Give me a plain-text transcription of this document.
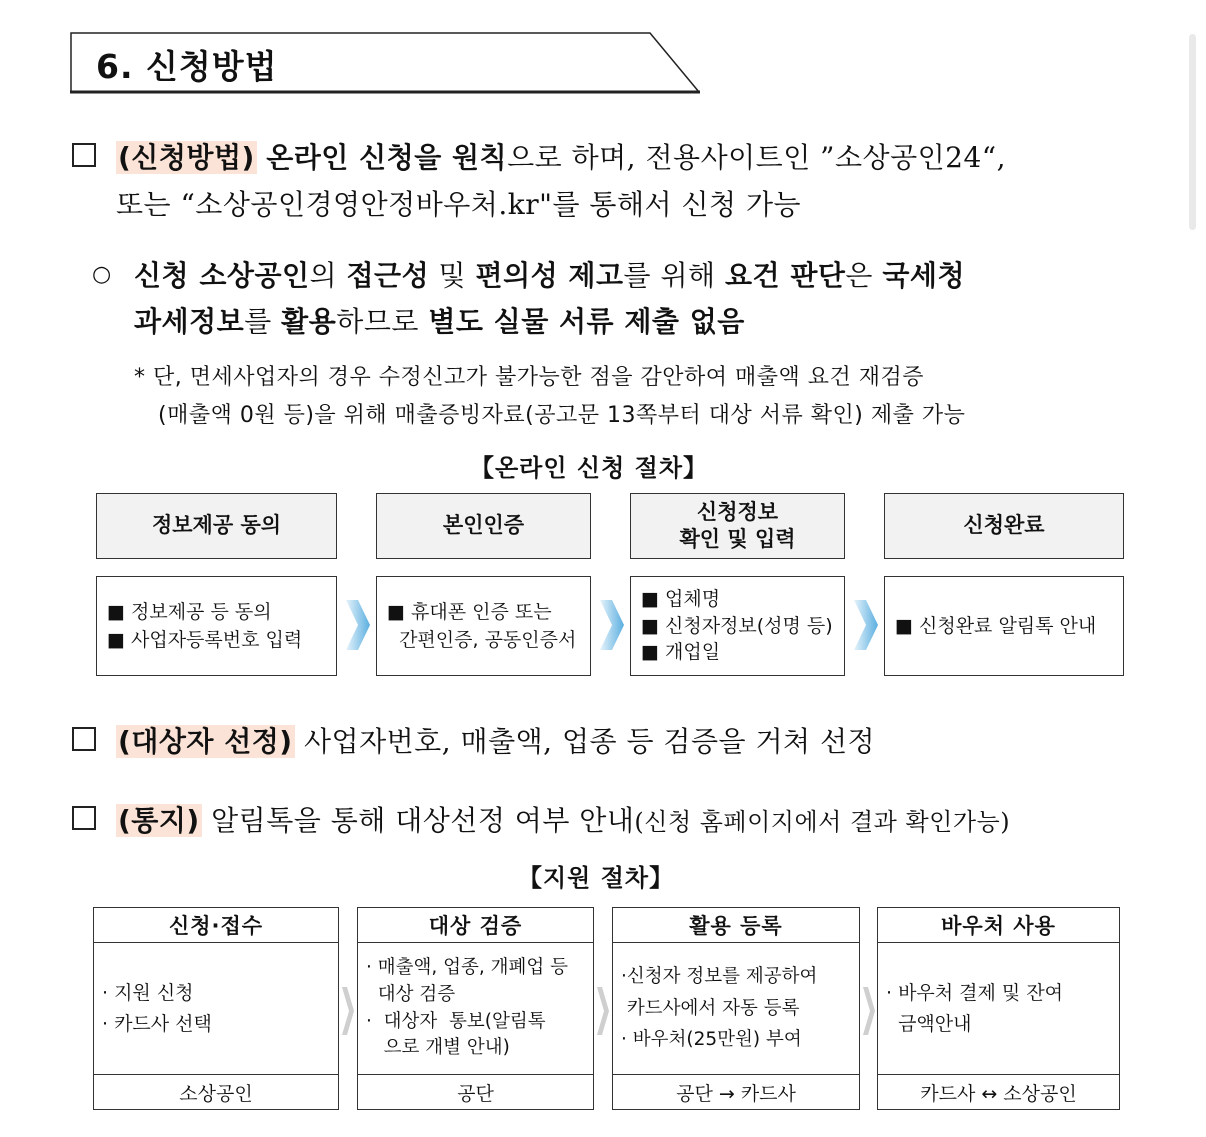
6. 신청방법
(신청방법) 온라인 신청을 원칙으로 하며, 전용사이트인 ”소상공인24“,
또는 “소상공인경영안정바우처.kr"를 통해서 신청 가능
○ 신청 소상공인의 접근성 및 편의성 제고를 위해 요건 판단은 국세청
과세정보를 활용하므로 별도 실물 서류 제출 없음
* 단, 면세사업자의 경우 수정신고가 불가능한 점을 감안하여 매출액 요건 재검증
(매출액 0원 등)을 위해 매출증빙자료(공고문 13쪽부터 대상 서류 확인) 제출 가능
【온라인 신청 절차】
정보제공 동의	본인인증
신청정보
확인 및 입력
신청완료
■ 정보제공 등 동의
■ 사업자등록번호 입력
■ 휴대폰 인증 또는
간편인증, 공동인증서
■ 업체명
■ 신청자정보(성명 등)
■ 개업일
■ 신청완료 알림톡 안내
(대상자 선정) 사업자번호, 매출액, 업종 등 검증을 거쳐 선정
(통지) 알림톡을 통해 대상선정 여부 안내(신청 홈페이지에서 결과 확인가능)
【지원 절차】
신청·접수
· 지원 신청
· 카드사 선택
소상공인
대상 검증
· 매출액, 업종, 개폐업 등
대상 검증
·  대상자  통보(알림톡
으로 개별 안내)
공단
활용 등록
·신청자 정보를 제공하여
카드사에서 자동 등록
· 바우처(25만원) 부여
공단 → 카드사
바우처 사용
· 바우처 결제 및 잔여
금액안내
카드사 ↔ 소상공인
